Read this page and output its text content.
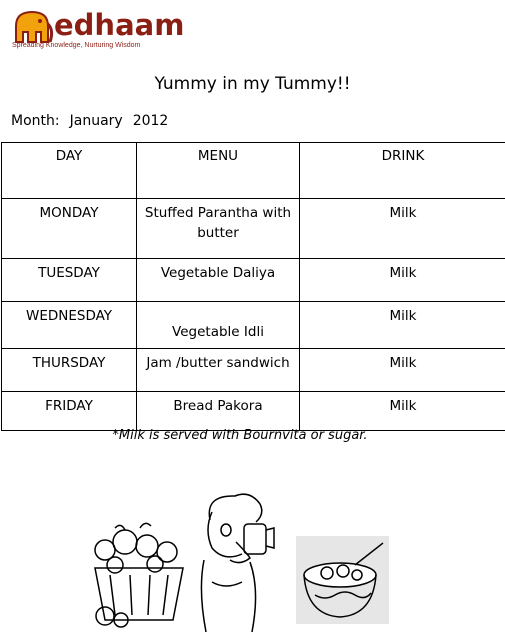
edhaam
Spreading Knowledge, Nurturing Wisdom
Yummy in my Tummy!!
Month: January 2012
DAY	MENU	DRINK
MONDAY	Stuffed Parantha with butter	Milk
TUESDAY	Vegetable Daliya	Milk
WEDNESDAY	Vegetable Idli	Milk
THURSDAY	Jam /butter sandwich	Milk
FRIDAY	Bread Pakora	Milk
*Milk is served with Bournvita or sugar.
